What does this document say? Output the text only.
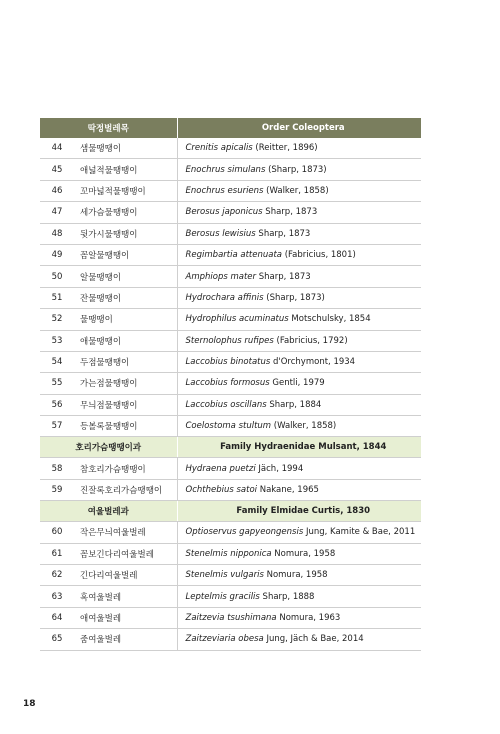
딱정벌레목		Order Coleoptera
44	샘물땡땡이	Crenitis apicalis (Reitter, 1896)
45	애넓적물땡땡이	Enochrus simulans (Sharp, 1873)
46	꼬마넓적물땡땡이	Enochrus esuriens (Walker, 1858)
47	세가슴물땡땡이	Berosus japonicus Sharp, 1873
48	뒷가시물땡땡이	Berosus lewisius Sharp, 1873
49	꼼알물땡땡이	Regimbartia attenuata (Fabricius, 1801)
50	알물땡땡이	Amphiops mater Sharp, 1873
51	잔물땡땡이	Hydrochara affinis (Sharp, 1873)
52	물땡땡이	Hydrophilus acuminatus Motschulsky, 1854
53	애물땡땡이	Sternolophus rufipes (Fabricius, 1792)
54	두점물땡땡이	Laccobius binotatus d'Orchymont, 1934
55	가는점물땡땡이	Laccobius formosus Gentli, 1979
56	무늬점물땡땡이	Laccobius oscillans Sharp, 1884
57	등볼록물땡땡이	Coelostoma stultum (Walker, 1858)
호리가슴땡땡이과		Family Hydraenidae Mulsant, 1844
58	참호리가슴땡땡이	Hydraena puetzi Jäch, 1994
59	진잘록호리가슴땡땡이	Ochthebius satoi Nakane, 1965
여울벌레과		Family Elmidae Curtis, 1830
60	작은무늬여울벌레	Optioservus gapyeongensis Jung, Kamite & Bae, 2011
61	꼼보긴다리여울벌레	Stenelmis nipponica Nomura, 1958
62	긴다리여울벌레	Stenelmis vulgaris Nomura, 1958
63	혹여울벌레	Leptelmis gracilis Sharp, 1888
64	애여울벌레	Zaitzevia tsushimana Nomura, 1963
65	줌여울벌레	Zaitzeviaria obesa Jung, Jäch & Bae, 2014
18
